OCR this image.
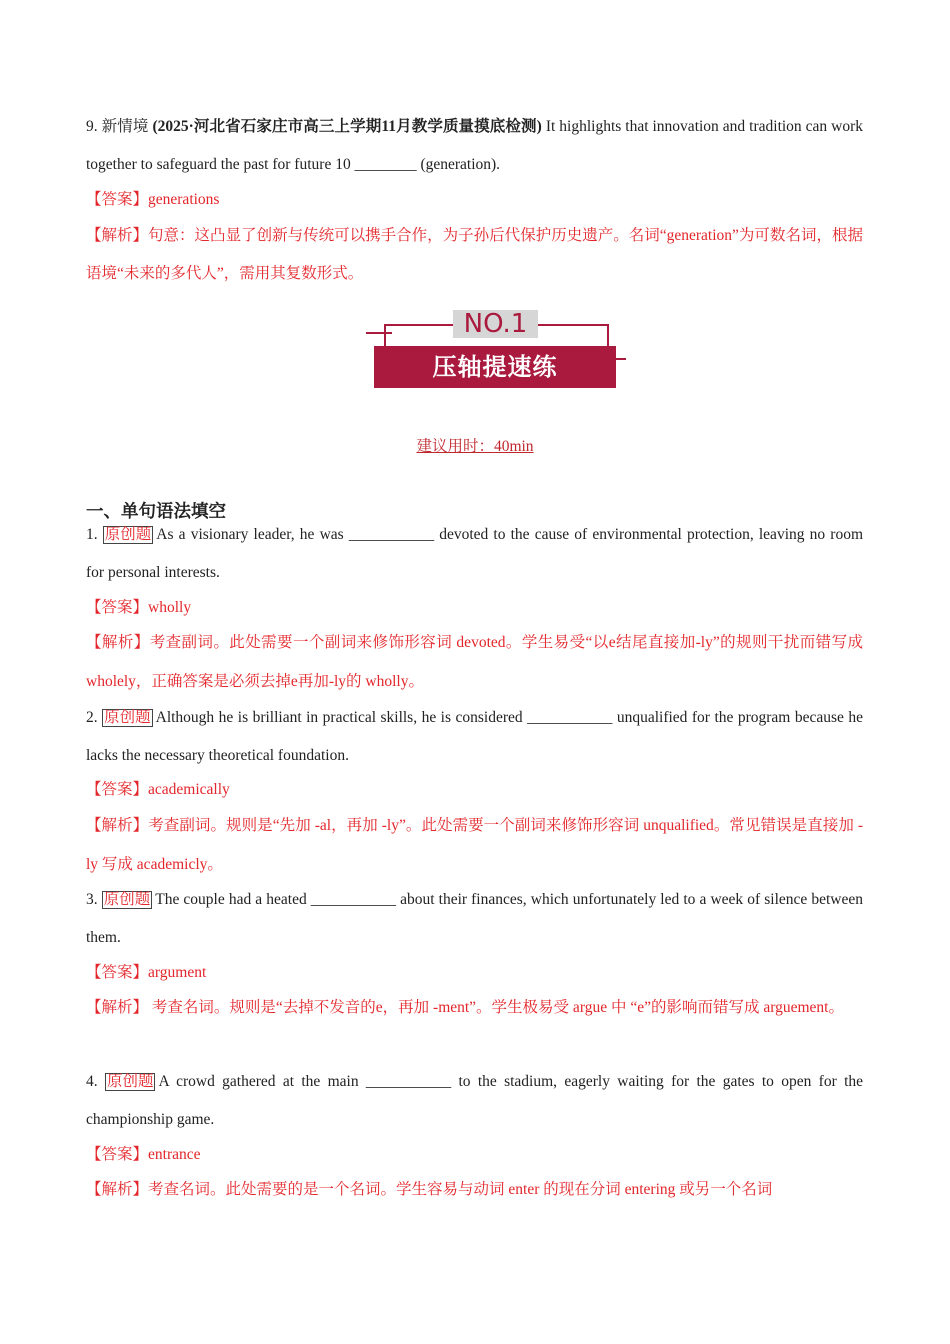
9. 新情境 (2025·河北省石家庄市高三上学期11月教学质量摸底检测) It highlights that innovation and tradition can work together to safeguard the past for future 10 ________ (generation).
【答案】generations
【解析】句意：这凸显了创新与传统可以携手合作，为子孙后代保护历史遗产。名词“generation”为可数名词，根据语境“未来的多代人”，需用其复数形式。
NO.1
压轴提速练
建议用时：40min
一、单句语法填空
1. 原创题 As a visionary leader, he was ___________ devoted to the cause of environmental protection, leaving no room for personal interests.
【答案】wholly
【解析】考查副词。此处需要一个副词来修饰形容词 devoted。学生易受“以e结尾直接加-ly”的规则干扰而错写成 wholely，正确答案是必须去掉e再加-ly的 wholly。
2. 原创题 Although he is brilliant in practical skills, he is considered ___________ unqualified for the program because he lacks the necessary theoretical foundation.
【答案】academically
【解析】考查副词。规则是“先加 -al，再加 -ly”。此处需要一个副词来修饰形容词 unqualified。常见错误是直接加 -ly 写成 academicly。
3. 原创题 The couple had a heated ___________ about their finances, which unfortunately led to a week of silence between them.
【答案】argument
【解析】 考查名词。规则是“去掉不发音的e，再加 -ment”。学生极易受 argue 中 “e”的影响而错写成 arguement。
4. 原创题 A crowd gathered at the main ___________ to the stadium, eagerly waiting for the gates to open for the championship game.
【答案】entrance
【解析】考查名词。此处需要的是一个名词。学生容易与动词 enter 的现在分词 entering 或另一个名词
